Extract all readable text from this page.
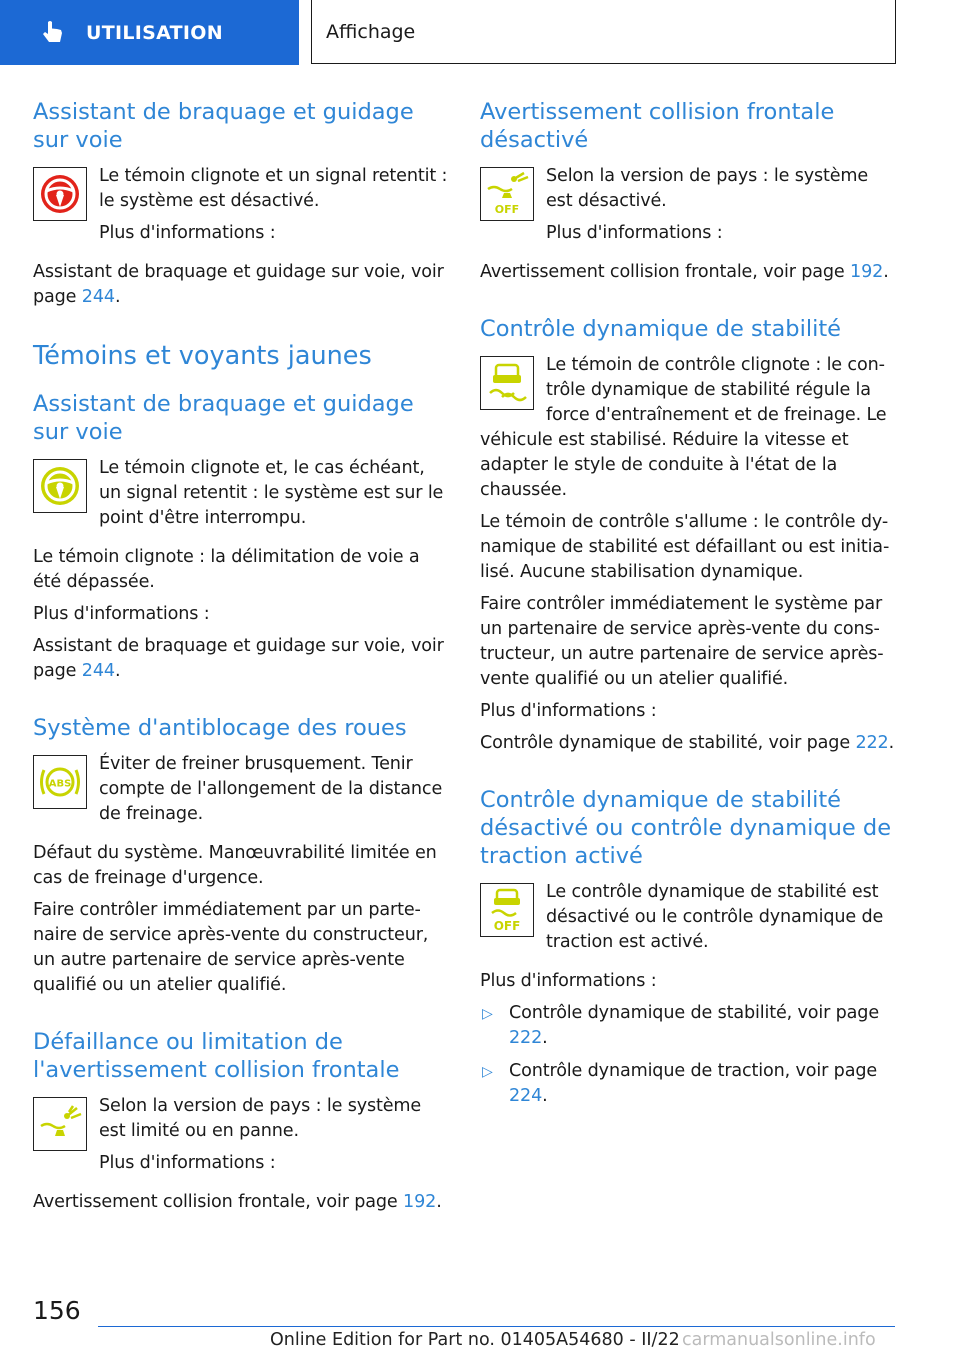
UTILISATION	Affichage
Assistant de braquage et guidage sur voie

Le témoin clignote et un signal retentit : le système est désactivé.

Plus d'informations :

Assistant de braquage et guidage sur voie, voir page 244.

Témoins et voyants jaunes
Assistant de braquage et guidage sur voie

Le témoin clignote et, le cas échéant, un signal retentit : le système est sur le point d'être interrompu.

Le témoin clignote : la délimitation de voie a été dépassée.

Plus d'informations :

Assistant de braquage et guidage sur voie, voir page 244.

Système d'antiblocage des roues
ABS

Éviter de freiner brusquement. Tenir compte de l'allongement de la distance de freinage.

Défaut du système. Manœuvrabilité limitée en cas de freinage d'urgence.

Faire contrôler immédiatement par un parte-naire de service après-vente du constructeur, un autre partenaire de service après-vente qualifié ou un atelier qualifié.

Défaillance ou limitation de l'avertissement collision frontale

Selon la version de pays : le système est limité ou en panne.

Plus d'informations :

Avertissement collision frontale, voir page 192.

Avertissement collision frontale désactivé
OFF

Selon la version de pays : le système est désactivé.

Plus d'informations :

Avertissement collision frontale, voir page 192.

Contrôle dynamique de stabilité

Le témoin de contrôle clignote : le con-trôle dynamique de stabilité régule la force d'entraînement et de freinage. Le véhicule est stabilisé. Réduire la vitesse et adapter le style de conduite à l'état de la chaussée.

Le témoin de contrôle s'allume : le contrôle dy-namique de stabilité est défaillant ou est initia-lisé. Aucune stabilisation dynamique.

Faire contrôler immédiatement le système par un partenaire de service après-vente du cons-tructeur, un autre partenaire de service après-vente qualifié ou un atelier qualifié.

Plus d'informations :

Contrôle dynamique de stabilité, voir page 222.

Contrôle dynamique de stabilité désactivé ou contrôle dynamique de traction activé
OFF

Le contrôle dynamique de stabilité est désactivé ou le contrôle dynamique de traction est activé.

Plus d'informations :

▷ Contrôle dynamique de stabilité, voir page 222.
▷ Contrôle dynamique de traction, voir page 224.
156
Online Edition for Part no. 01405A54680 - II/22 carmanualsonline.info
